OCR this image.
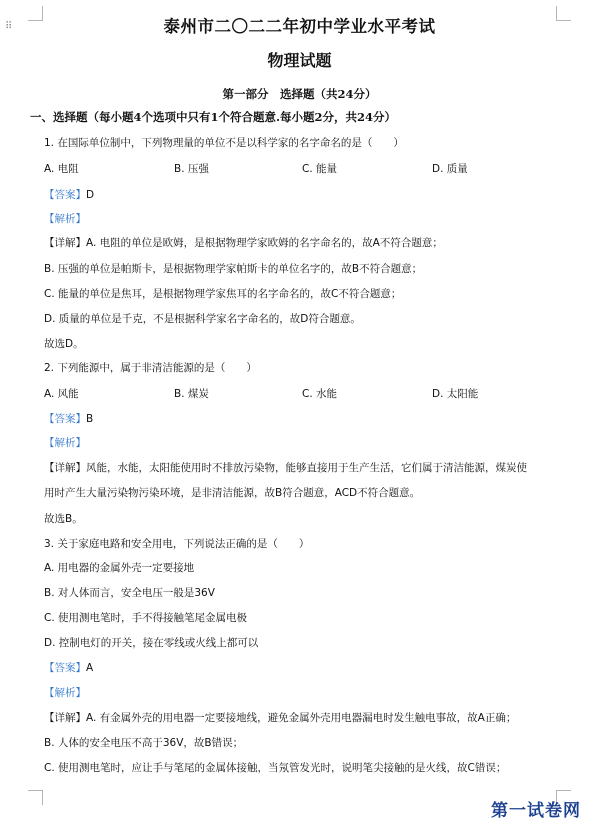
⠿	泰州市二〇二二年初中学业水平考试
物理试题
第一部分　选择题（共24分）
一、选择题（每小题4个选项中只有1个符合题意.每小题2分，共24分）
1. 在国际单位制中，下列物理量的单位不是以科学家的名字命名的是（　　）
A. 电阻	B. 压强	C. 能量	D. 质量
【答案】D
【解析】
【详解】A. 电阻的单位是欧姆，是根据物理学家欧姆的名字命名的，故A不符合题意；
B. 压强的单位是帕斯卡，是根据物理学家帕斯卡的单位名字的，故B不符合题意；
C. 能量的单位是焦耳，是根据物理学家焦耳的名字命名的，故C不符合题意；
D. 质量的单位是千克，不是根据科学家名字命名的，故D符合题意。
故选D。
2. 下列能源中，属于非清洁能源的是（　　）
A. 风能	B. 煤炭	C. 水能	D. 太阳能
【答案】B
【解析】
【详解】风能，水能，太阳能使用时不排放污染物，能够直接用于生产生活，它们属于清洁能源，煤炭使
用时产生大量污染物污染环境，是非清洁能源，故B符合题意，ACD不符合题意。
故选B。
3. 关于家庭电路和安全用电，下列说法正确的是（　　）
A. 用电器的金属外壳一定要接地
B. 对人体而言，安全电压一般是36V
C. 使用测电笔时，手不得接触笔尾金属电极
D. 控制电灯的开关，接在零线或火线上都可以
【答案】A
【解析】
【详解】A. 有金属外壳的用电器一定要接地线，避免金属外壳用电器漏电时发生触电事故，故A正确；
B. 人体的安全电压不高于36V，故B错误；
C. 使用测电笔时，应让手与笔尾的金属体接触，当氖管发光时，说明笔尖接触的是火线，故C错误；
第一试卷网
